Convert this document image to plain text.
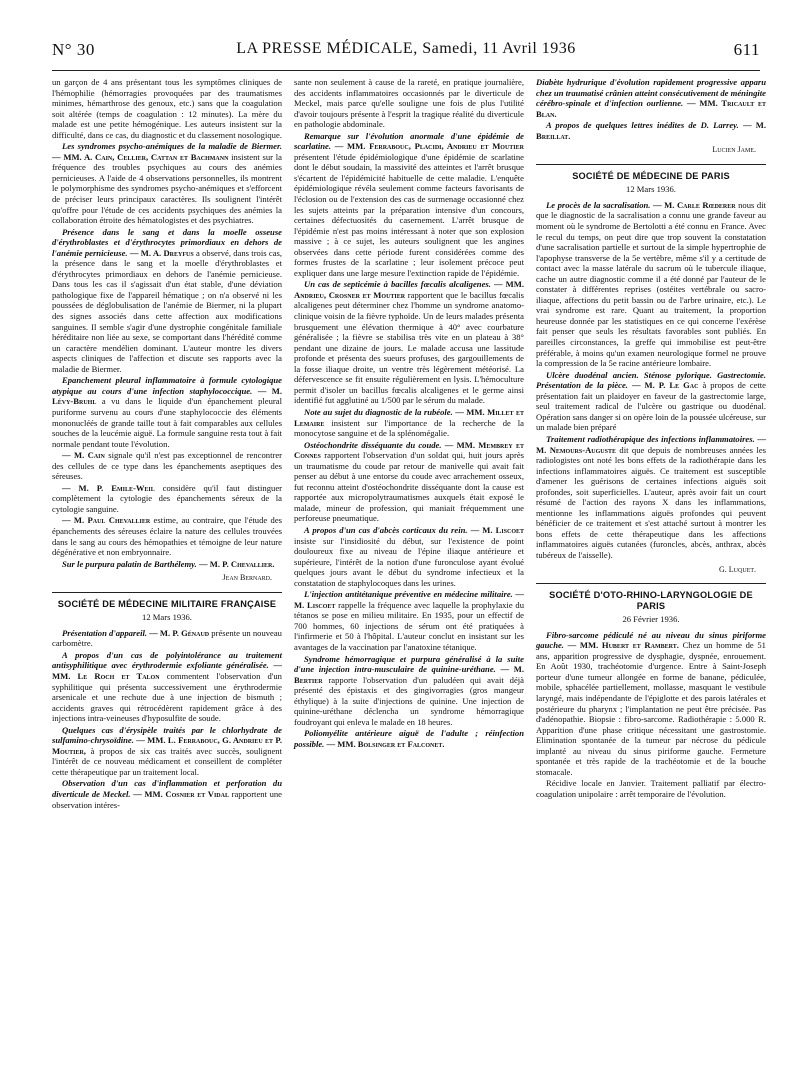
N° 30	LA PRESSE MÉDICALE, Samedi, 11 Avril 1936	611

un garçon de 4 ans présentant tous les symptômes cliniques de l'hémophilie (hémorragies provoquées par des traumatismes minimes, hémarthrose des genoux, etc.) sans que la coagulation soit altérée (temps de coagulation : 12 minutes). La mère du malade est une petite hémogénique. Les auteurs insistent sur la difficulté, dans ce cas, du diagnostic et du classement nosologique.

Les syndromes psycho-anémiques de la maladie de Biermer. — MM. A. Cain, Cellier, Cattan et Bachmann insistent sur la fréquence des troubles psychiques au cours des anémies pernicieuses. A l'aide de 4 observations personnelles, ils montrent le polymorphisme des syndromes psycho-anémiques et s'efforcent de préciser leurs principaux caractères. Ils soulignent l'intérêt qu'offre pour l'étude de ces accidents psychiques des anémies la collaboration étroite des hématologistes et des psychiatres.

Présence dans le sang et dans la moelle osseuse d'érythroblastes et d'érythrocytes primordiaux en dehors de l'anémie pernicieuse. — M. A. Dreyfus a observé, dans trois cas, la présence dans le sang et la moelle d'érythroblastes et d'érythrocytes primordiaux en dehors de l'anémie pernicieuse. Dans tous les cas il s'agissait d'un état stable, d'une déviation pathologique fixe de l'appareil hématique ; on n'a observé ni les poussées de déglobulisation de l'anémie de Biermer, ni la plupart des signes associés dans cette affection aux modifications sanguines. Il semble s'agir d'une dystrophie congénitale familiale héréditaire non liée au sexe, se comportant dans l'hérédité comme un caractère mendélien dominant. L'auteur montre les divers aspects cliniques de l'affection et discute ses rapports avec la maladie de Biermer.

Epanchement pleural inflammatoire à formule cytologique atypique au cours d'une infection staphylococcique. — M. Lévy-Bruhl a vu dans le liquide d'un épanchement pleural puriforme survenu au cours d'une staphylococcie des éléments mononucléés de grande taille tout à fait comparables aux cellules souches de la leucémie aiguë. La formule sanguine resta tout à fait normale pendant toute l'évolution.

— M. Cain signale qu'il n'est pas exceptionnel de rencontrer des cellules de ce type dans les épanchements aseptiques des séreuses.

— M. P. Emile-Weil considère qu'il faut distinguer complètement la cytologie des épanchements séreux de la cytologie sanguine.

— M. Paul Chevallier estime, au contraire, que l'étude des épanchements des séreuses éclaire la nature des cellules trouvées dans le sang au cours des hémopathies et témoigne de leur nature dégénérative et non embryonnaire.

Sur le purpura palatin de Barthélemy. — M. P. Chevallier.

Jean Bernard.
SOCIÉTÉ DE MÉDECINE MILITAIRE FRANÇAISE
12 Mars 1936.

Présentation d'appareil. — M. P. Génaud présente un nouveau carbomètre.

A propos d'un cas de polyintolérance au traitement antisyphilitique avec érythrodermie exfoliante généralisée. — MM. Le Roch et Talon commentent l'observation d'un syphilitique qui présenta successivement une érythrodermie arsenicale et une rechute due à une injection de bismuth ; accidents graves qui rétrocédèrent rapidement grâce à des injections intra-veineuses d'hyposulfite de soude.

Quelques cas d'érysipèle traités par le chlorhydrate de sulfamino-chrysoïdine. — MM. L. Ferrabouc, G. Andrieu et P. Moutier, à propos de six cas traités avec succès, soulignent l'intérêt de ce nouveau médicament et conseillent de compléter cette thérapeutique par un traitement local.

Observation d'un cas d'inflammation et perforation du diverticule de Meckel. — MM. Cosnier et Vidal rapportent une observation intéres-

sante non seulement à cause de la rareté, en pratique journalière, des accidents inflammatoires occasionnés par le diverticule de Meckel, mais parce qu'elle souligne une fois de plus l'utilité d'avoir toujours présente à l'esprit la tragique réalité du diverticule en pathologie abdominale.

Remarque sur l'évolution anormale d'une épidémie de scarlatine. — MM. Ferrabouc, Placidi, Andrieu et Moutier présentent l'étude épidémiologique d'une épidémie de scarlatine dont le début soudain, la massivité des atteintes et l'arrêt brusque s'écartent de l'épidémicité habituelle de cette maladie. L'enquête épidémiologique révéla seulement comme facteurs favorisants de l'éclosion ou de l'extension des cas de surmenage occasionné chez les sujets atteints par la préparation intensive d'un concours, certaines défectuosités du casernement. L'arrêt brusque de l'épidémie n'est pas moins intéressant à noter que son explosion massive ; à ce sujet, les auteurs soulignent que les angines observées dans cette période furent considérées comme des formes frustes de la scarlatine ; leur isolement précoce peut expliquer dans une large mesure l'extinction rapide de l'épidémie.

Un cas de septicémie à bacilles fœcalis alcaligenes. — MM. Andrieu, Crosner et Moutier rapportent que le bacillus fœcalis alcaligenes peut déterminer chez l'homme un syndrome anatomo-clinique voisin de la fièvre typhoïde. Un de leurs malades présenta brusquement une élévation thermique à 40° avec courbature généralisée ; la fièvre se stabilisa très vite en un plateau à 38° pendant une dizaine de jours. Le malade accusa une lassitude profonde et présenta des sueurs profuses, des gargouillements de la fosse iliaque droite, un ventre très légèrement météorisé. La défervescence se fit ensuite régulièrement en lysis. L'hémoculture permit d'isoler un bacillus fœcalis alcaligenes et le germe ainsi identifié fut agglutiné au 1/500 par le sérum du malade.

Note au sujet du diagnostic de la rubéole. — MM. Millet et Lemaire insistent sur l'importance de la recherche de la monocytose sanguine et de la splénomégalie.

Ostéochondrite disséquante du coude. — MM. Membrey et Connes rapportent l'observation d'un soldat qui, huit jours après un traumatisme du coude par retour de manivelle qui avait fait penser au début à une entorse du coude avec arrachement osseux, fut reconnu atteint d'ostéochondrite disséquante dont la cause est rapportée aux micropolytraumatismes auxquels était exposé le malade, mineur de profession, qui maniait fréquemment une perforeuse pneumatique.

A propos d'un cas d'abcès corticaux du rein. — M. Liscoet insiste sur l'insidiosité du début, sur l'existence de point douloureux fixe au niveau de l'épine iliaque antérieure et supérieure, l'intérêt de la notion d'une furonculose ayant évolué quelques jours avant le début du syndrome infectieux et la constatation de staphylocoques dans les urines.

L'injection antitétanique préventive en médecine militaire. — M. Liscoet rappelle la fréquence avec laquelle la prophylaxie du tétanos se pose en milieu militaire. En 1935, pour un effectif de 700 hommes, 60 injections de sérum ont été pratiquées à l'infirmerie et 50 à l'hôpital. L'auteur conclut en insistant sur les avantages de la vaccination par l'anatoxine tétanique.

Syndrome hémorragique et purpura généralisé à la suite d'une injection intra-musculaire de quinine-uréthane. — M. Bertier rapporte l'observation d'un paludéen qui avait déjà présenté des épistaxis et des gingivorragies (gros mangeur éthylique) à la suite d'injections de quinine. Une injection de quinine-uréthane déclencha un syndrome hémorragique foudroyant qui enleva le malade en 18 heures.

Poliomyélite antérieure aiguë de l'adulte ; réinfection possible. — MM. Bolsinger et Falconet.

Diabète hydrurique d'évolution rapidement progressive apparu chez un traumatisé crânien atteint consécutivement de méningite cérébro-spinale et d'infection ourlienne. — MM. Tricault et Blan.

A propos de quelques lettres inédites de D. Larrey. — M. Breillat.

Lucien Jame.
SOCIÉTÉ DE MÉDECINE DE PARIS
12 Mars 1936.

Le procès de la sacralisation. — M. Carle Rœderer nous dit que le diagnostic de la sacralisation a connu une grande faveur au moment où le syndrome de Bertolotti a été connu en France. Avec le recul du temps, on peut dire que trop souvent la constatation d'une sacralisation partielle et surtout de la simple hypertrophie de l'apophyse transverse de la 5e vertèbre, même s'il y a certitude de contact avec la masse latérale du sacrum où le tubercule iliaque, cache un autre diagnostic comme il a été donné par l'auteur de le constater à différentes reprises (ostéites vertébrale ou sacro-iliaque, affections du petit bassin ou de l'arbre urinaire, etc.). Le vrai syndrome est rare. Quant au traitement, la proportion heureuse donnée par les statistiques en ce qui concerne l'exérèse fait penser que seuls les résultats favorables sont publiés. En pareilles circonstances, la greffe qui immobilise est peut-être préférable, à moins qu'un examen neurologique formel ne prouve la compression de la 5e racine antérieure lombaire.

Ulcère duodénal ancien. Sténose pylorique. Gastrectomie. Présentation de la pièce. — M. P. Le Gac à propos de cette présentation fait un plaidoyer en faveur de la gastrectomie large, seul traitement radical de l'ulcère ou gastrique ou duodénal. Opération sans danger si on opère loin de la poussée ulcéreuse, sur un malade bien préparé

Traitement radiothérapique des infections inflammatoires. — M. Nemours-Auguste dit que depuis de nombreuses années les radiologistes ont noté les bons effets de la radiothérapie dans les infections inflammatoires aiguës. Ce traitement est susceptible d'amener les guérisons de certaines infections aiguës soit profondes, soit superficielles. L'auteur, après avoir fait un court résumé de l'action des rayons X dans les inflammations, mentionne les inflammations aiguës profondes qui peuvent bénéficier de ce traitement et s'est attaché surtout à montrer les bons effets de cette thérapeutique dans les affections inflammatoires aiguës cutanées (furoncles, abcès, anthrax, abcès tubéreux de l'aisselle).

G. Luquet.
SOCIÉTÉ D'OTO-RHINO-LARYNGOLOGIE DE PARIS
26 Février 1936.

Fibro-sarcome pédiculé né au niveau du sinus piriforme gauche. — MM. Hubert et Rambert. Chez un homme de 51 ans, apparition progressive de dysphagie, dyspnée, enrouement. En Août 1930, trachéotomie d'urgence. Entre à Saint-Joseph porteur d'une tumeur allongée en forme de banane, pédiculée, mobile, sphacélée partiellement, mollasse, masquant le vestibule laryngé, mais indépendante de l'épiglotte et des parois latérales et postérieure du pharynx ; l'implantation ne peut être précisée. Pas d'adénopathie. Biopsie : fibro-sarcome. Radiothérapie : 5.000 R. Apparition d'une phase critique nécessitant une gastrostomie. Elimination spontanée de la tumeur par nécrose du pédicule implanté au niveau du sinus piriforme gauche. Fermeture spontanée et très rapide de la trachéotomie et de la bouche stomacale.

Récidive locale en Janvier. Traitement palliatif par électro-coagulation unipolaire : arrêt temporaire de l'évolution.
